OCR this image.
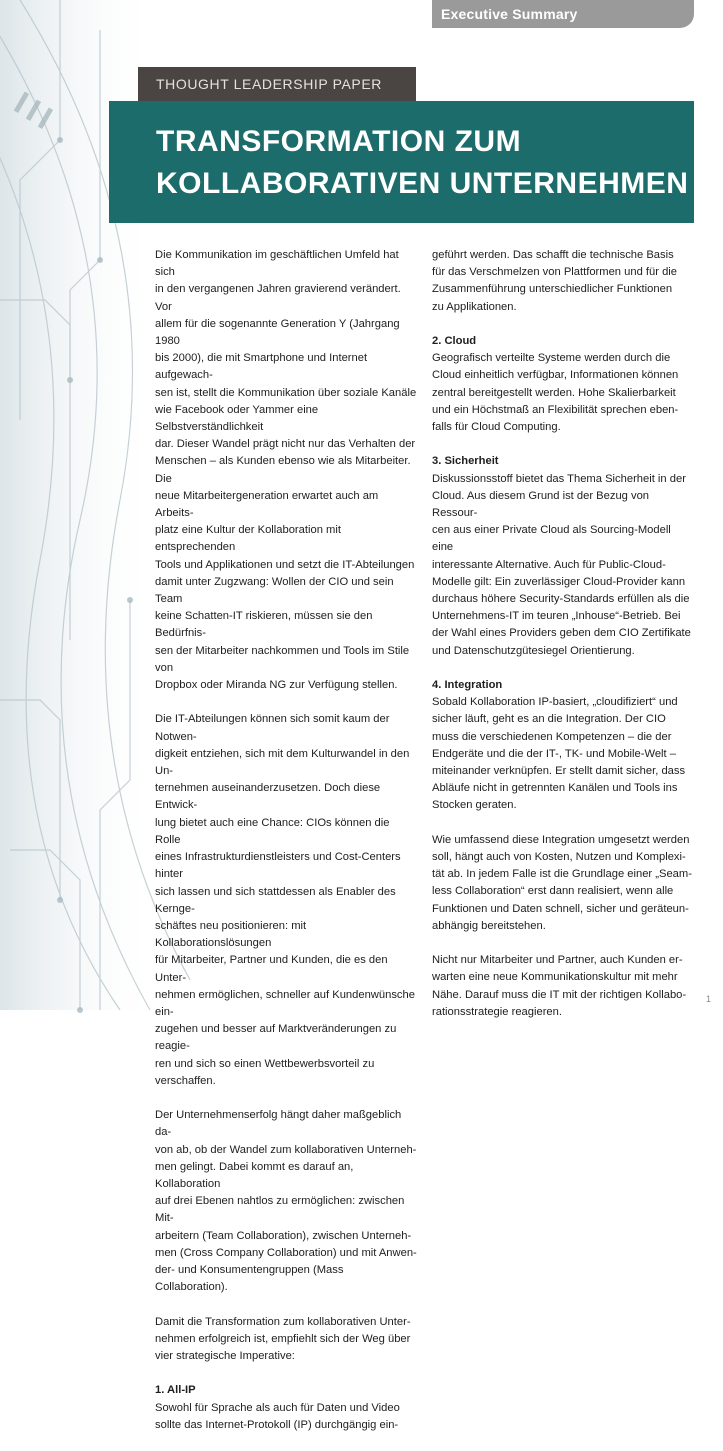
Executive Summary
THOUGHT LEADERSHIP PAPER
TRANSFORMATION ZUM
KOLLABORATIVEN UNTERNEHMEN

Die Kommunikation im geschäftlichen Umfeld hat sich
in den vergangenen Jahren gravierend verändert. Vor
allem für die sogenannte Generation Y (Jahrgang 1980
bis 2000), die mit Smartphone und Internet aufgewach-
sen ist, stellt die Kommunikation über soziale Kanäle
wie Facebook oder Yammer eine Selbstverständlichkeit
dar. Dieser Wandel prägt nicht nur das Verhalten der
Menschen – als Kunden ebenso wie als Mitarbeiter. Die
neue Mitarbeitergeneration erwartet auch am Arbeits-
platz eine Kultur der Kollaboration mit entsprechenden
Tools und Applikationen und setzt die IT-Abteilungen
damit unter Zugzwang: Wollen der CIO und sein Team
keine Schatten-IT riskieren, müssen sie den Bedürfnis-
sen der Mitarbeiter nachkommen und Tools im Stile von
Dropbox oder Miranda NG zur Verfügung stellen.

Die IT-Abteilungen können sich somit kaum der Notwen-
digkeit entziehen, sich mit dem Kulturwandel in den Un-
ternehmen auseinanderzusetzen. Doch diese Entwick-
lung bietet auch eine Chance: CIOs können die Rolle
eines Infrastrukturdienstleisters und Cost-Centers hinter
sich lassen und sich stattdessen als Enabler des Kernge-
schäftes neu positionieren: mit Kollaborationslösungen
für Mitarbeiter, Partner und Kunden, die es den Unter-
nehmen ermöglichen, schneller auf Kundenwünsche ein-
zugehen und besser auf Marktveränderungen zu reagie-
ren und sich so einen Wettbewerbsvorteil zu verschaffen.

Der Unternehmenserfolg hängt daher maßgeblich da-
von ab, ob der Wandel zum kollaborativen Unterneh-
men gelingt. Dabei kommt es darauf an, Kollaboration
auf drei Ebenen nahtlos zu ermöglichen: zwischen Mit-
arbeitern (Team Collaboration), zwischen Unterneh-
men (Cross Company Collaboration) und mit Anwen-
der- und Konsumentengruppen (Mass Collaboration).

Damit die Transformation zum kollaborativen Unter-
nehmen erfolgreich ist, empfiehlt sich der Weg über
vier strategische Imperative:

1. All-IP

Sowohl für Sprache als auch für Daten und Video
sollte das Internet-Protokoll (IP) durchgängig ein-

geführt werden. Das schafft die technische Basis
für das Verschmelzen von Plattformen und für die
Zusammenführung unterschiedlicher Funktionen
zu Applikationen.

2. Cloud

Geografisch verteilte Systeme werden durch die
Cloud einheitlich verfügbar, Informationen können
zentral bereitgestellt werden. Hohe Skalierbarkeit
und ein Höchstmaß an Flexibilität sprechen eben-
falls für Cloud Computing.

3. Sicherheit

Diskussionsstoff bietet das Thema Sicherheit in der
Cloud. Aus diesem Grund ist der Bezug von Ressour-
cen aus einer Private Cloud als Sourcing-Modell eine
interessante Alternative. Auch für Public-Cloud-
Modelle gilt: Ein zuverlässiger Cloud-Provider kann
durchaus höhere Security-Standards erfüllen als die
Unternehmens-IT im teuren „Inhouse“-Betrieb. Bei
der Wahl eines Providers geben dem CIO Zertifikate
und Datenschutzgütesiegel Orientierung.

4. Integration

Sobald Kollaboration IP-basiert, „cloudifiziert“ und
sicher läuft, geht es an die Integration. Der CIO
muss die verschiedenen Kompetenzen – die der
Endgeräte und die der IT-, TK- und Mobile-Welt –
miteinander verknüpfen. Er stellt damit sicher, dass
Abläufe nicht in getrennten Kanälen und Tools ins
Stocken geraten.

Wie umfassend diese Integration umgesetzt werden
soll, hängt auch von Kosten, Nutzen und Komplexi-
tät ab. In jedem Falle ist die Grundlage einer „Seam-
less Collaboration“ erst dann realisiert, wenn alle
Funktionen und Daten schnell, sicher und geräteun-
abhängig bereitstehen.

Nicht nur Mitarbeiter und Partner, auch Kunden er-
warten eine neue Kommunikationskultur mit mehr
Nähe. Darauf muss die IT mit der richtigen Kollabo-
rationsstrategie reagieren.

1
